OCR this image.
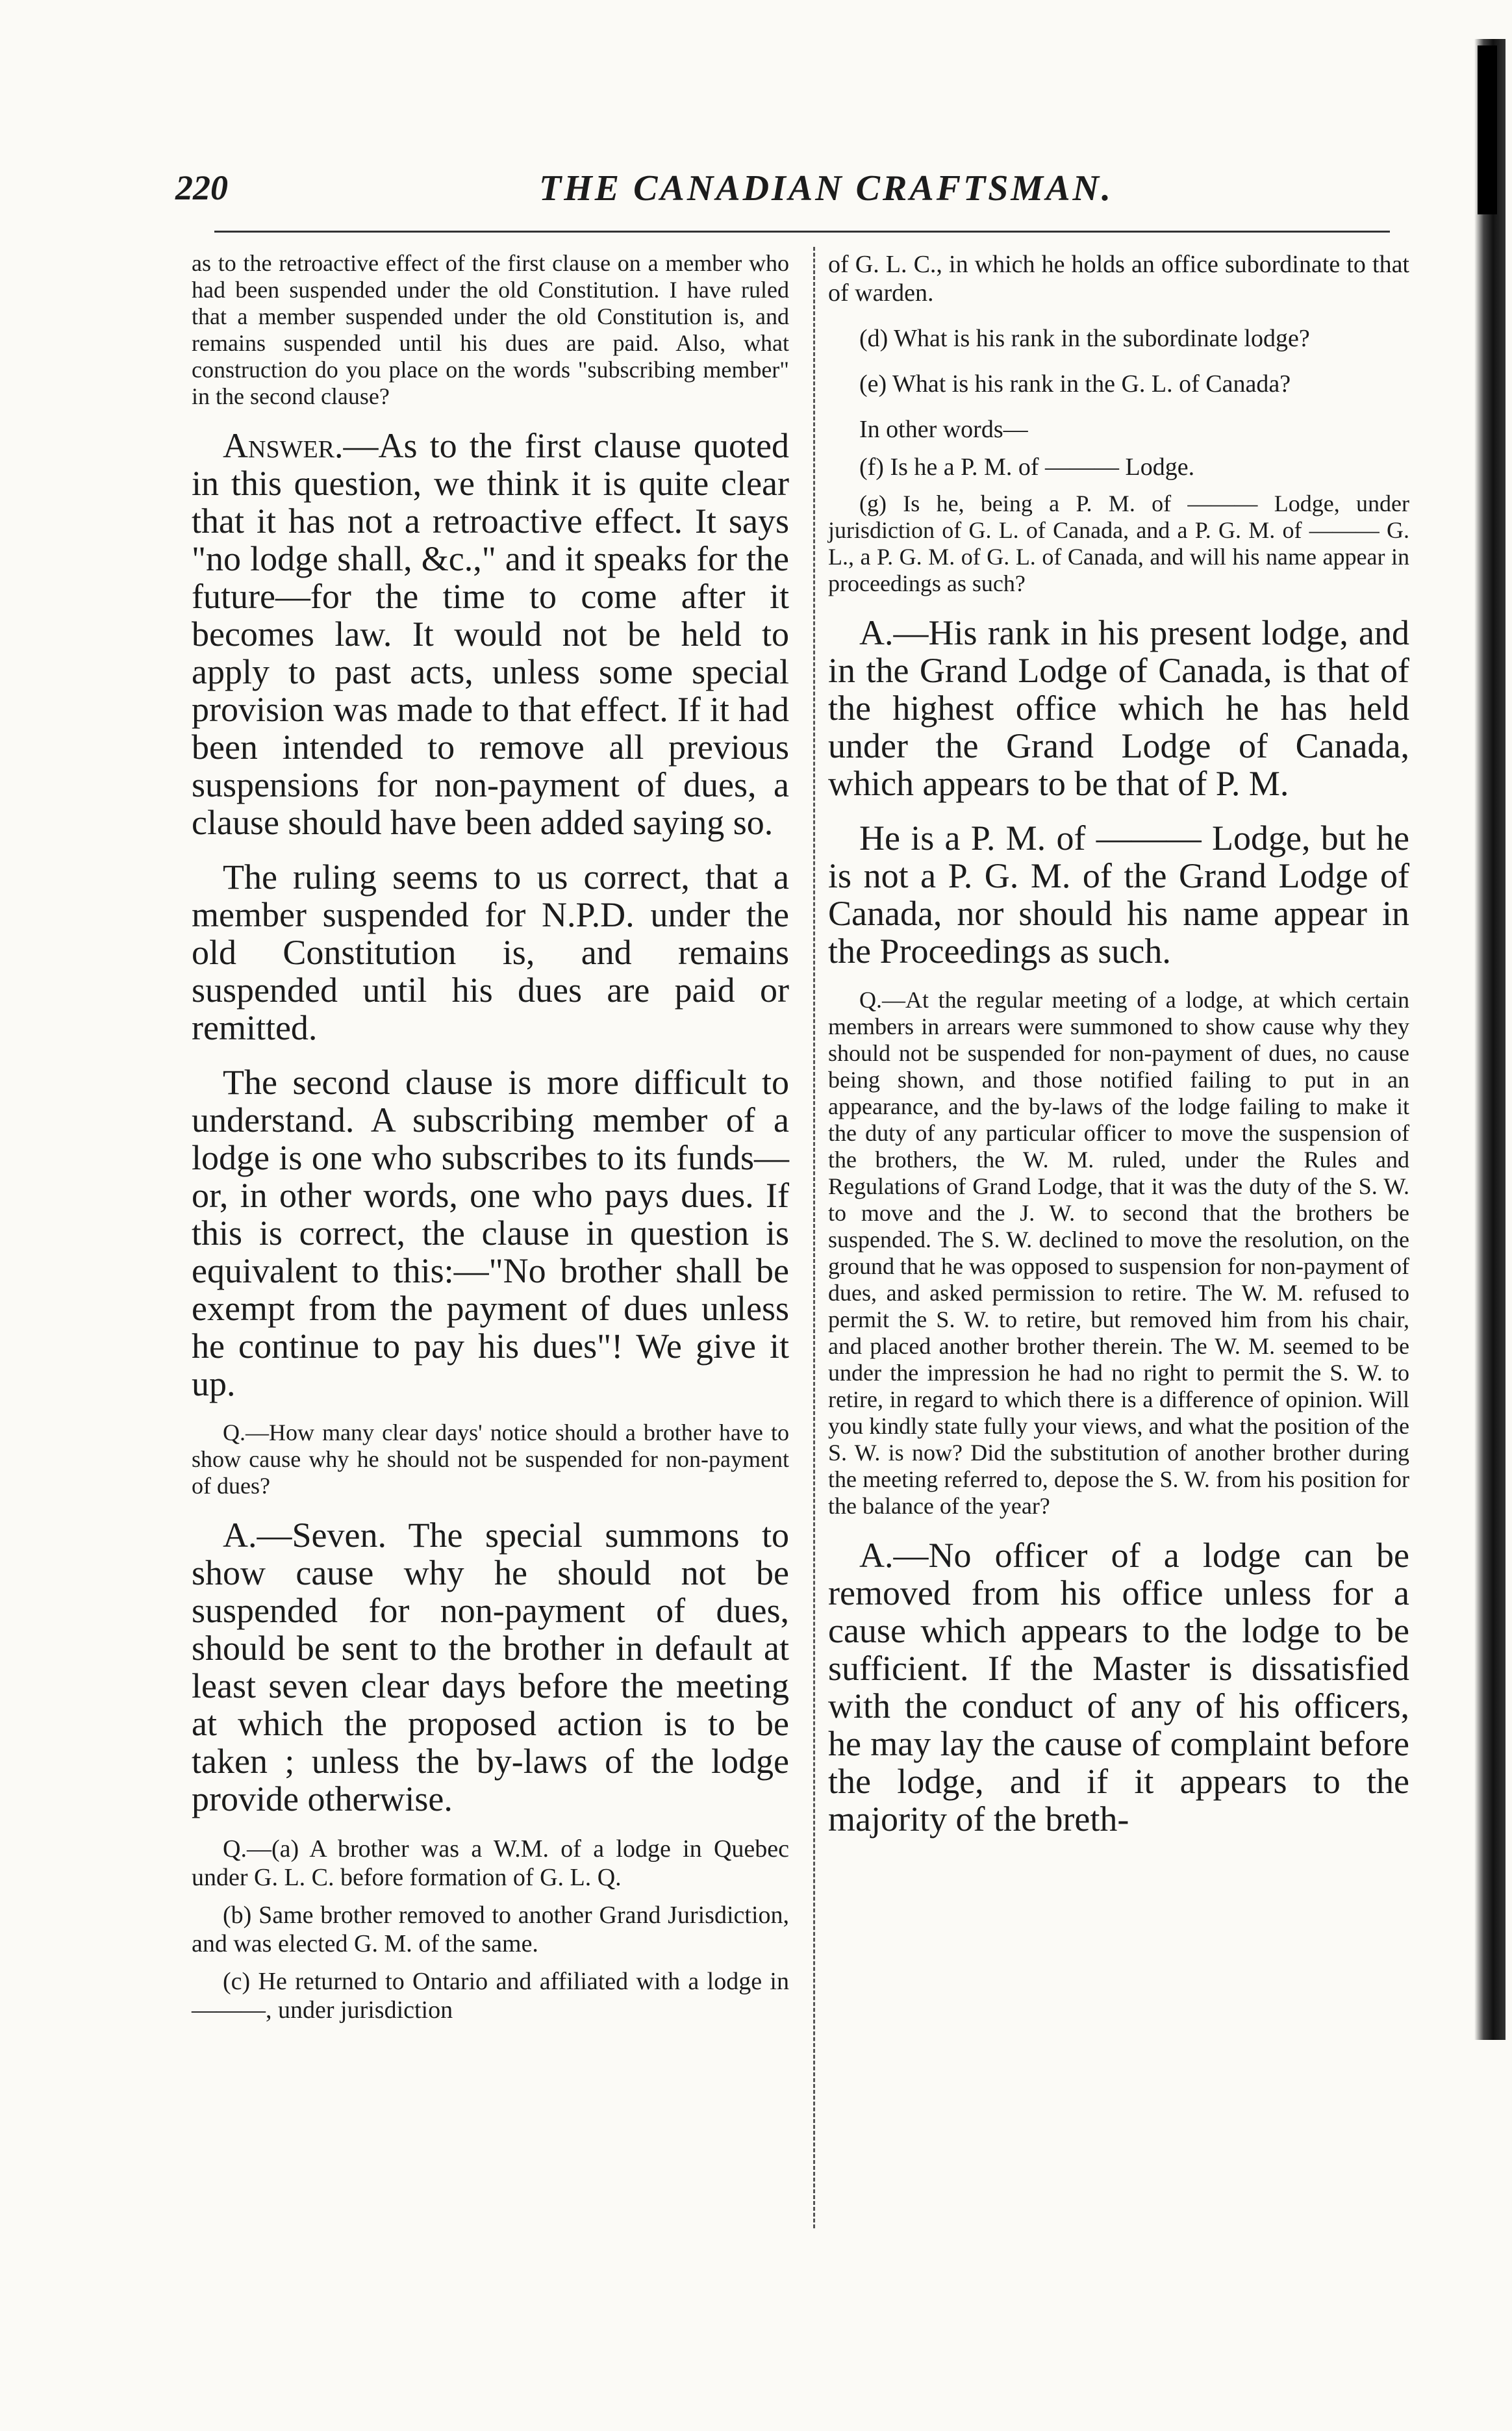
220	THE CANADIAN CRAFTSMAN.

as to the retroactive effect of the first clause on a member who had been suspended under the old Constitution. I have ruled that a member suspended under the old Constitution is, and remains suspended until his dues are paid. Also, what construction do you place on the words "subscribing member" in the second clause?

Answer.—As to the first clause quoted in this question, we think it is quite clear that it has not a retroactive effect. It says "no lodge shall, &c.," and it speaks for the future—for the time to come after it becomes law. It would not be held to apply to past acts, unless some special provision was made to that effect. If it had been intended to remove all previous suspensions for non-payment of dues, a clause should have been added saying so.

The ruling seems to us correct, that a member suspended for N.P.D. under the old Constitution is, and remains suspended until his dues are paid or remitted.

The second clause is more difficult to understand. A subscribing member of a lodge is one who subscribes to its funds—or, in other words, one who pays dues. If this is correct, the clause in question is equivalent to this:—"No brother shall be exempt from the payment of dues unless he continue to pay his dues"! We give it up.

Q.—How many clear days' notice should a brother have to show cause why he should not be suspended for non-payment of dues?

A.—Seven. The special summons to show cause why he should not be suspended for non-payment of dues, should be sent to the brother in default at least seven clear days before the meeting at which the proposed action is to be taken ; unless the by-laws of the lodge provide otherwise.

Q.—(a) A brother was a W.M. of a lodge in Quebec under G. L. C. before formation of G. L. Q.

(b) Same brother removed to another Grand Jurisdiction, and was elected G. M. of the same.

(c) He returned to Ontario and affiliated with a lodge in———, under jurisdiction

of G. L. C., in which he holds an office subordinate to that of warden.

(d) What is his rank in the subordinate lodge?

(e) What is his rank in the G. L. of Canada?

In other words—

(f) Is he a P. M. of ——— Lodge.

(g) Is he, being a P. M. of ——— Lodge, under jurisdiction of G. L. of Canada, and a P. G. M. of ——— G. L., a P. G. M. of G. L. of Canada, and will his name appear in proceedings as such?

A.—His rank in his present lodge, and in the Grand Lodge of Canada, is that of the highest office which he has held under the Grand Lodge of Canada, which appears to be that of P. M.

He is a P. M. of ——— Lodge, but he is not a P. G. M. of the Grand Lodge of Canada, nor should his name appear in the Proceedings as such.

Q.—At the regular meeting of a lodge, at which certain members in arrears were summoned to show cause why they should not be suspended for non-payment of dues, no cause being shown, and those notified failing to put in an appearance, and the by-laws of the lodge failing to make it the duty of any particular officer to move the suspension of the brothers, the W. M. ruled, under the Rules and Regulations of Grand Lodge, that it was the duty of the S. W. to move and the J. W. to second that the brothers be suspended. The S. W. declined to move the resolution, on the ground that he was opposed to suspension for non-payment of dues, and asked permission to retire. The W. M. refused to permit the S. W. to retire, but removed him from his chair, and placed another brother therein. The W. M. seemed to be under the impression he had no right to permit the S. W. to retire, in regard to which there is a difference of opinion. Will you kindly state fully your views, and what the position of the S. W. is now? Did the substitution of another brother during the meeting referred to, depose the S. W. from his position for the balance of the year?

A.—No officer of a lodge can be removed from his office unless for a cause which appears to the lodge to be sufficient. If the Master is dissatisfied with the conduct of any of his officers, he may lay the cause of complaint before the lodge, and if it appears to the majority of the breth-
